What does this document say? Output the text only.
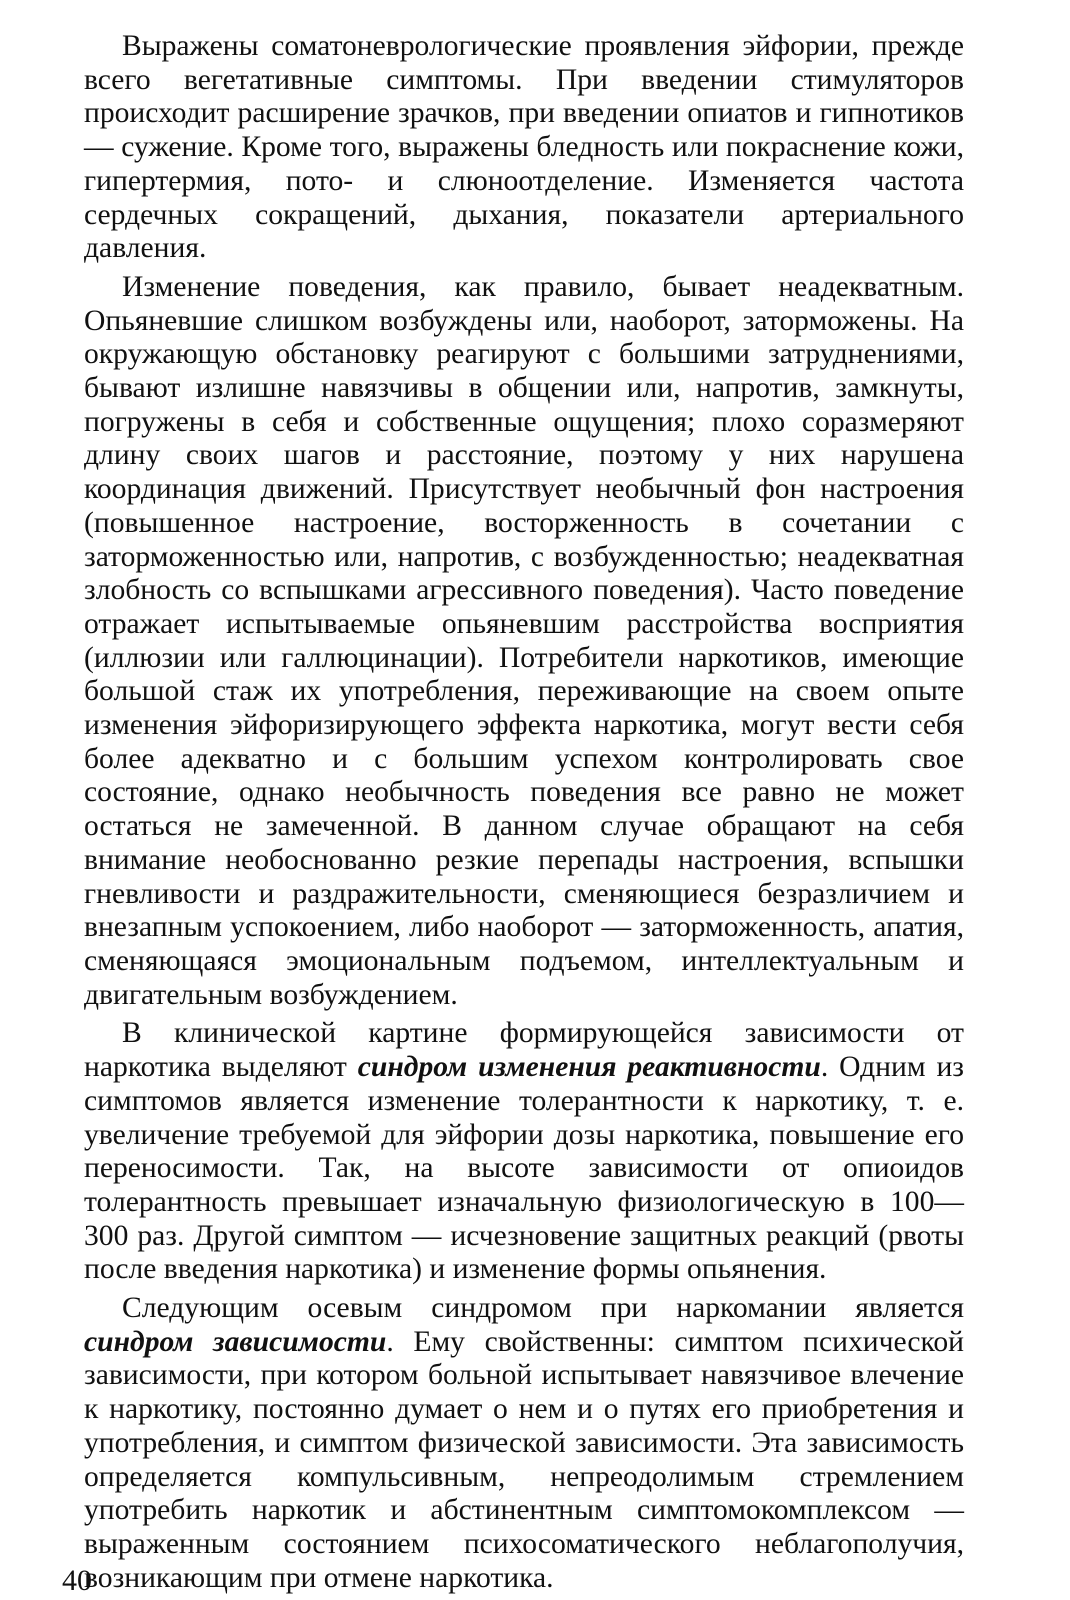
Выражены соматоневрологические проявления эйфории, прежде всего вегетативные симптомы. При введении стимуляторов происходит расширение зрачков, при введении опиатов и гипнотиков — сужение. Кроме того, выражены бледность или покраснение кожи, гипертермия, пото- и слюноотделение. Изменяется частота сердечных сокращений, дыхания, показатели артериального давления.

Изменение поведения, как правило, бывает неадекватным. Опьяневшие слишком возбуждены или, наоборот, заторможены. На окружающую обстановку реагируют с большими затруднениями, бывают излишне навязчивы в общении или, напротив, замкнуты, погружены в себя и собственные ощущения; плохо соразмеряют длину своих шагов и расстояние, поэтому у них нарушена координация движений. Присутствует необычный фон настроения (повышенное настроение, восторженность в сочетании с заторможенностью или, напротив, с возбужденностью; неадекватная злобность со вспышками агрессивного поведения). Часто поведение отражает испытываемые опьяневшим расстройства восприятия (иллюзии или галлюцинации). Потребители наркотиков, имеющие большой стаж их употребления, переживающие на своем опыте изменения эйфоризирующего эффекта наркотика, могут вести себя более адекватно и с большим успехом контролировать свое состояние, однако необычность поведения все равно не может остаться не замеченной. В данном случае обращают на себя внимание необоснованно резкие перепады настроения, вспышки гневливости и раздражительности, сменяющиеся безразличием и внезапным успокоением, либо наоборот — заторможенность, апатия, сменяющаяся эмоциональным подъемом, интеллектуальным и двигательным возбуждением.

В клинической картине формирующейся зависимости от наркотика выделяют синдром изменения реактивности. Одним из симптомов является изменение толерантности к наркотику, т. е. увеличение требуемой для эйфории дозы наркотика, повышение его переносимости. Так, на высоте зависимости от опиоидов толерантность превышает изначальную физиологическую в 100—300 раз. Другой симптом — исчезновение защитных реакций (рвоты после введения наркотика) и изменение формы опьянения.

Следующим осевым синдромом при наркомании является синдром зависимости. Ему свойственны: симптом психической зависимости, при котором больной испытывает навязчивое влечение к наркотику, постоянно думает о нем и о путях его приобретения и употребления, и симптом физической зависимости. Эта зависимость определяется компульсивным, непреодолимым стремлением употребить наркотик и абстинентным симптомокомплексом — выраженным состоянием психосоматического неблагополучия, возникающим при отмене наркотика.

40
